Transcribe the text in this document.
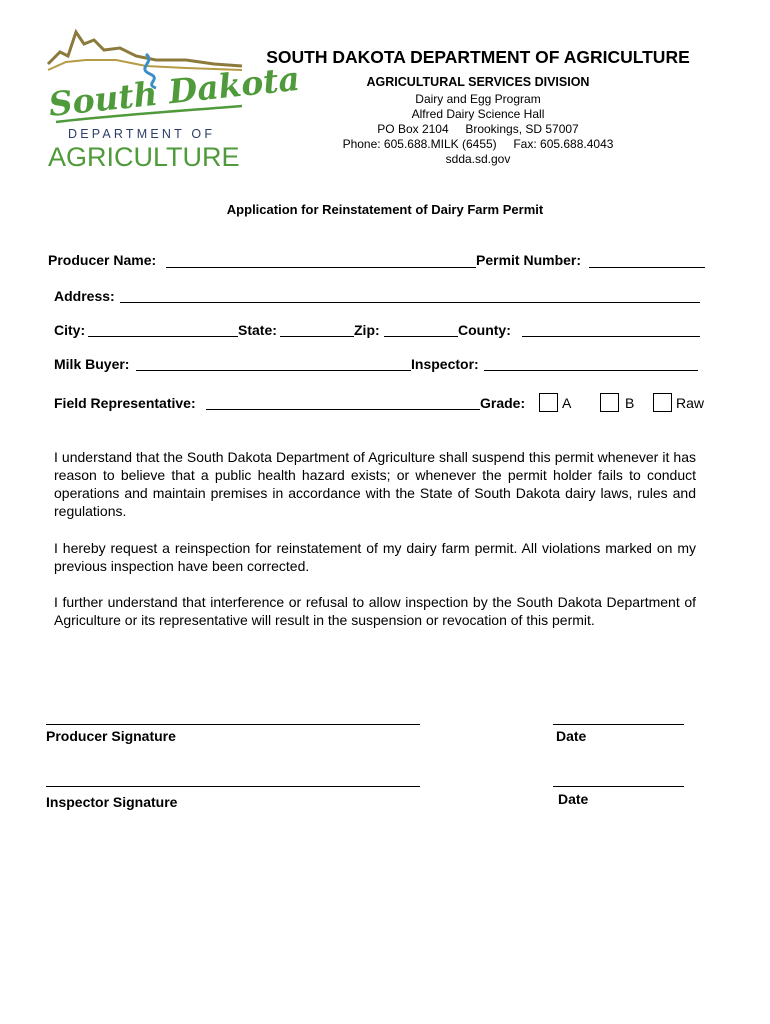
South Dakota
DEPARTMENT OF
AGRICULTURE
SOUTH DAKOTA DEPARTMENT OF AGRICULTURE
AGRICULTURAL SERVICES DIVISION
Dairy and Egg Program
Alfred Dairy Science Hall
PO Box 2104 Brookings, SD 57007
Phone: 605.688.MILK (6455) Fax: 605.688.4043
sdda.sd.gov
Application for Reinstatement of Dairy Farm Permit
Producer Name:	Permit Number:
Address:
City:	State:	Zip:	County:
Milk Buyer:	Inspector:
Field Representative:	Grade:	A	B	Raw
I understand that the South Dakota Department of Agriculture shall suspend this permit whenever it has reason to believe that a public health hazard exists; or whenever the permit holder fails to conduct operations and maintain premises in accordance with the State of South Dakota dairy laws, rules and regulations.
I hereby request a reinspection for reinstatement of my dairy farm permit. All violations marked on my previous inspection have been corrected.
I further understand that interference or refusal to allow inspection by the South Dakota Department of Agriculture or its representative will result in the suspension or revocation of this permit.
Producer Signature	Date
Inspector Signature	Date
